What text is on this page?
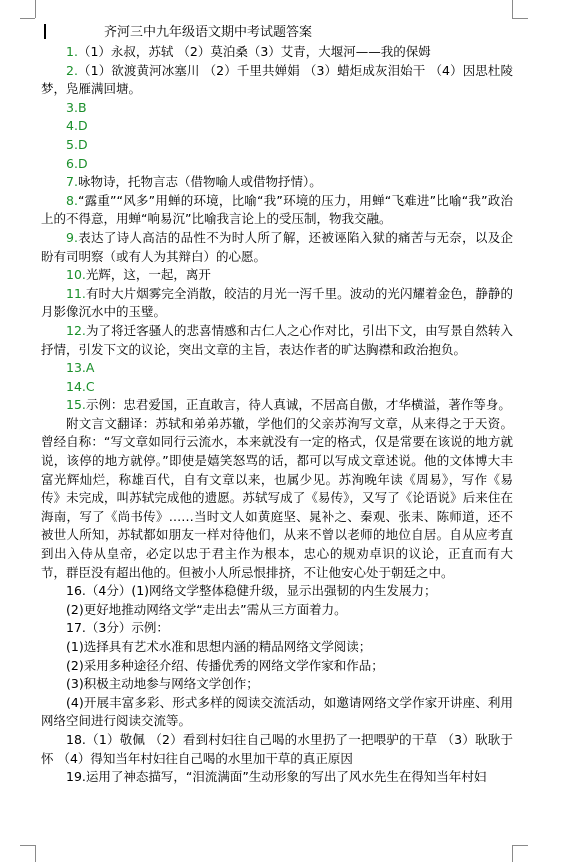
齐河三中九年级语文期中考试题答案

1.（1）永叔，苏轼 （2）莫泊桑（3）艾青，大堰河——我的保姆

2.（1）欲渡黄河冰塞川 （2）千里共婵娟 （3）蜡炬成灰泪始干 （4）因思杜陵梦，凫雁满回塘。

3.B

4.D

5.D

6.D

7.咏物诗，托物言志（借物喻人或借物抒情）。

8.“露重”“风多”用蝉的环境，比喻“我”环境的压力，用蝉“飞难进”比喻“我”政治上的不得意，用蝉“响易沉”比喻我言论上的受压制，物我交融。

9.表达了诗人高洁的品性不为时人所了解，还被诬陷入狱的痛苦与无奈，以及企盼有司明察（或有人为其辩白）的心愿。

10.光辉，这，一起，离开

11.有时大片烟雾完全消散，皎洁的月光一泻千里。波动的光闪耀着金色，静静的月影像沉水中的玉璧。

12.为了将迁客骚人的悲喜情感和古仁人之心作对比，引出下文，由写景自然转入抒情，引发下文的议论，突出文章的主旨，表达作者的旷达胸襟和政治抱负。

13.A

14.C

15.示例：忠君爱国，正直敢言，待人真诚，不居高自傲，才华横溢，著作等身。

附文言文翻译：苏轼和弟弟苏辙，学他们的父亲苏洵写文章，从来得之于天资。曾经自称：“写文章如同行云流水，本来就没有一定的格式，仅是常要在该说的地方就说，该停的地方就停。”即使是嬉笑怒骂的话，都可以写成文章述说。他的文体博大丰富光辉灿烂，称雄百代，自有文章以来，也属少见。苏洵晚年读《周易》，写作《易传》未完成，叫苏轼完成他的遗愿。苏轼写成了《易传》，又写了《论语说》后来住在海南，写了《尚书传》……当时文人如黄庭坚、晁补之、秦观、张耒、陈师道，还不被世人所知，苏轼都如朋友一样对待他们，从来不曾以老师的地位自居。自从应考直到出入侍从皇帝，必定以忠于君主作为根本，忠心的规劝卓识的议论，正直而有大节，群臣没有超出他的。但被小人所忌恨排挤，不让他安心处于朝廷之中。

16.（4分）(1)网络文学整体稳健升级，显示出强韧的内生发展力；

(2)更好地推动网络文学“走出去”需从三方面着力。

17.（3分）示例：

(1)选择具有艺术水准和思想内涵的精品网络文学阅读；

(2)采用多种途径介绍、传播优秀的网络文学作家和作品；

(3)积极主动地参与网络文学创作；

(4)开展丰富多彩、形式多样的阅读交流活动，如邀请网络文学作家开讲座、利用网络空间进行阅读交流等。

18.（1）敬佩 （2）看到村妇往自己喝的水里扔了一把喂驴的干草 （3）耿耿于怀 （4）得知当年村妇往自己喝的水里加干草的真正原因

19.运用了神态描写，“泪流满面”生动形象的写出了风水先生在得知当年村妇
